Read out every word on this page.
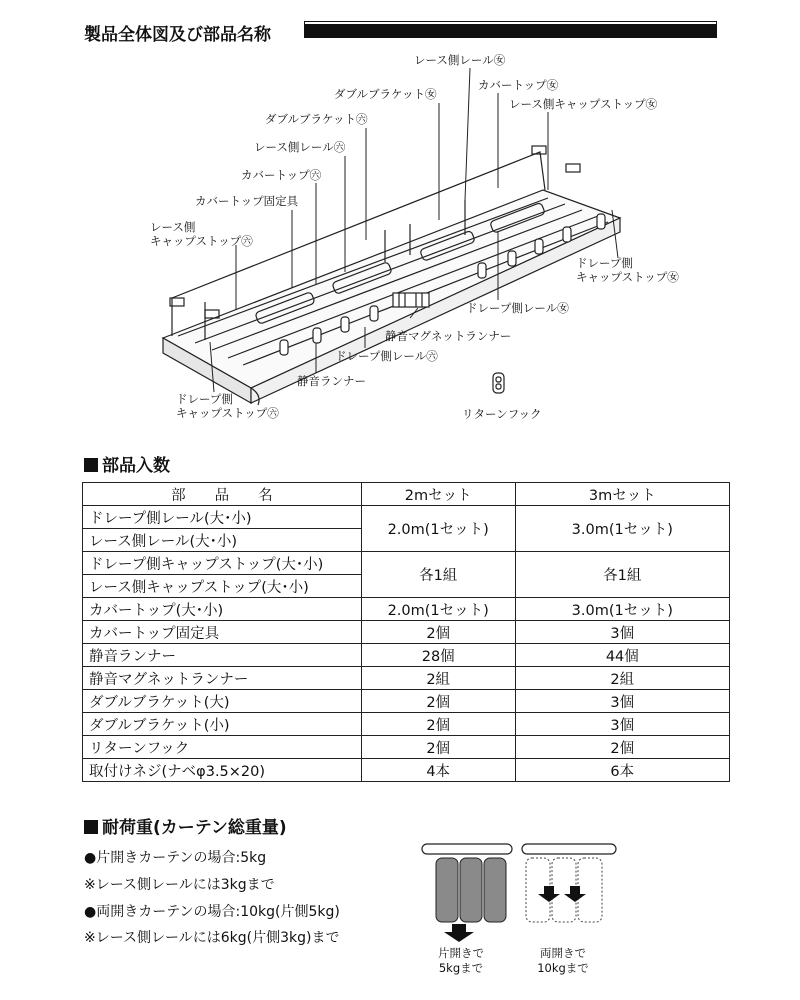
製品全体図及び部品名称
レース側レール㊛
カバートップ㊛
ダブルブラケット㊛
レース側キャップストップ㊛
ダブルブラケット㊅
レース側レール㊅
カバートップ㊅
カバートップ固定具
レース側
キャップストップ㊅
ドレープ側
キャップストップ㊛
ドレープ側レール㊛
静音マグネットランナー
ドレープ側レール㊅
静音ランナー
ドレープ側
キャップストップ㊅	リターンフック
部品入数
部　　品　　名	2mセット	3mセット
ドレープ側レール(大･小)	2.0m(1セット)	3.0m(1セット)
レース側レール(大･小)		
ドレープ側キャップストップ(大･小)	各1組	各1組
レース側キャップストップ(大･小)		
カバートップ(大･小)	2.0m(1セット)	3.0m(1セット)
カバートップ固定具	2個	3個
静音ランナー	28個	44個
静音マグネットランナー	2組	2組
ダブルブラケット(大)	2個	3個
ダブルブラケット(小)	2個	3個
リターンフック	2個	2個
取付けネジ(ナベφ3.5×20)	4本	6本
耐荷重(カーテン総重量)
●片開きカーテンの場合:5kg
※レース側レールには3kgまで
●両開きカーテンの場合:10kg(片側5kg)
※レース側レールには6kg(片側3kg)まで
片開きで
5kgまで
両開きで
10kgまで
